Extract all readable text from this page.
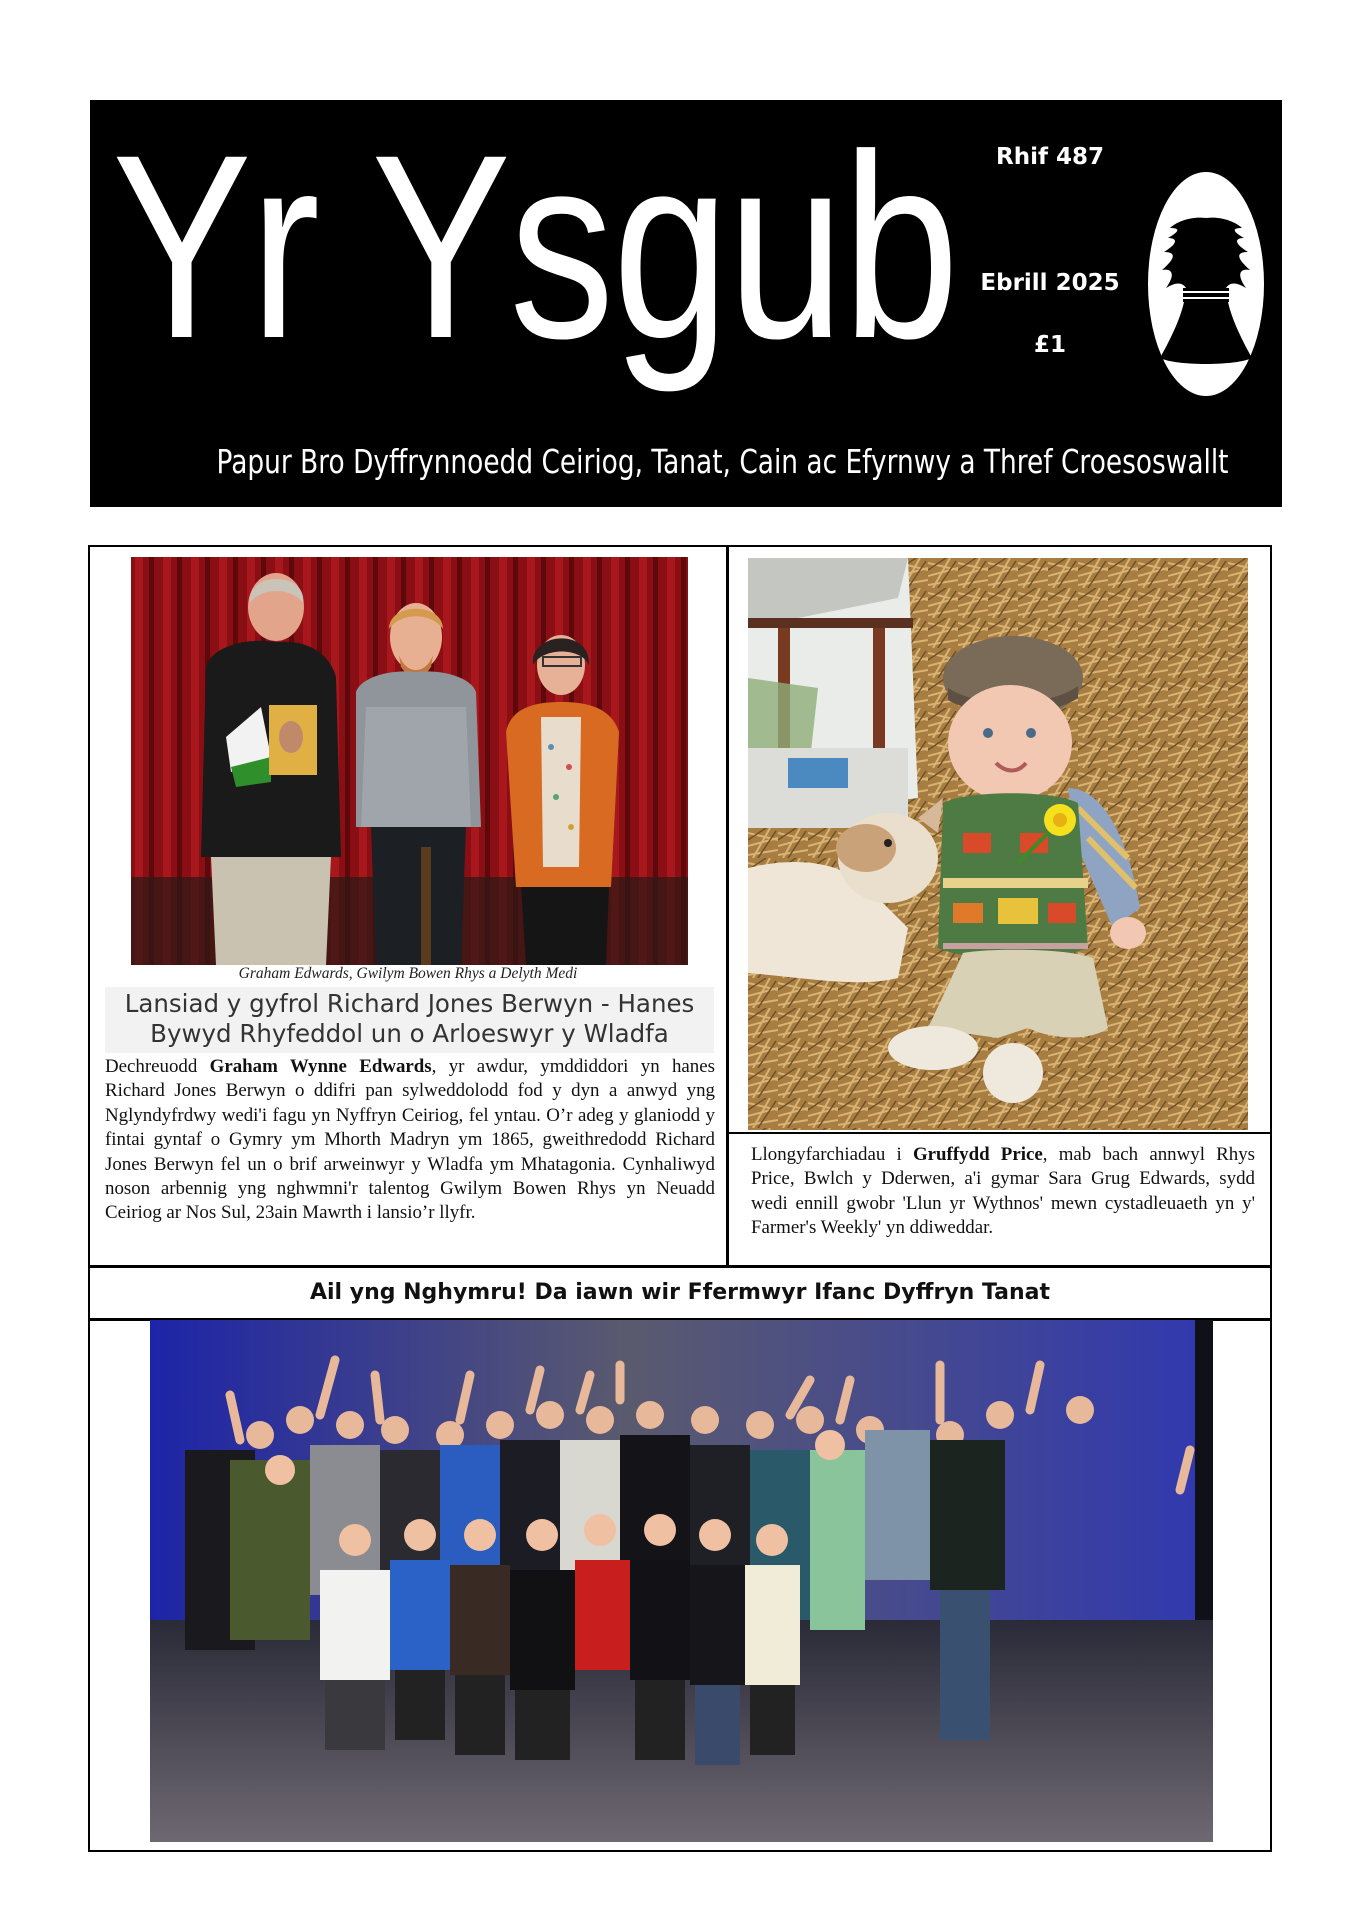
Yr Ysgub	Rhif 487
Ebrill 2025
£1
Papur Bro Dyffrynnoedd Ceiriog, Tanat, Cain ac Efyrnwy a Thref Croesoswallt
Graham Edwards, Gwilym Bowen Rhys a Delyth Medi
Lansiad y gyfrol Richard Jones Berwyn - Hanes Bywyd Rhyfeddol un o Arloeswyr y Wladfa

Dechreuodd Graham Wynne Edwards, yr awdur, ymddiddori yn hanes Richard Jones Berwyn o ddifri pan sylweddolodd fod y dyn a anwyd yng Nglyndyfrdwy wedi'i fagu yn Nyffryn Ceiriog, fel yntau. O’r adeg y glaniodd y fintai gyntaf o Gymry ym Mhorth Madryn ym 1865, gweithredodd Richard Jones Berwyn fel un o brif arweinwyr y Wladfa ym Mhatagonia. Cynhaliwyd noson arbennig yng nghwmni'r talentog Gwilym Bowen Rhys yn Neuadd Ceiriog ar Nos Sul, 23ain Mawrth i lansio’r llyfr.

Llongyfarchiadau i Gruffydd Price, mab bach annwyl Rhys Price, Bwlch y Dderwen, a'i gymar Sara Grug Edwards, sydd wedi ennill gwobr 'Llun yr Wythnos' mewn cystadleuaeth yn y' Farmer's Weekly' yn ddiweddar.

Ail yng Nghymru! Da iawn wir Ffermwyr Ifanc Dyffryn Tanat
